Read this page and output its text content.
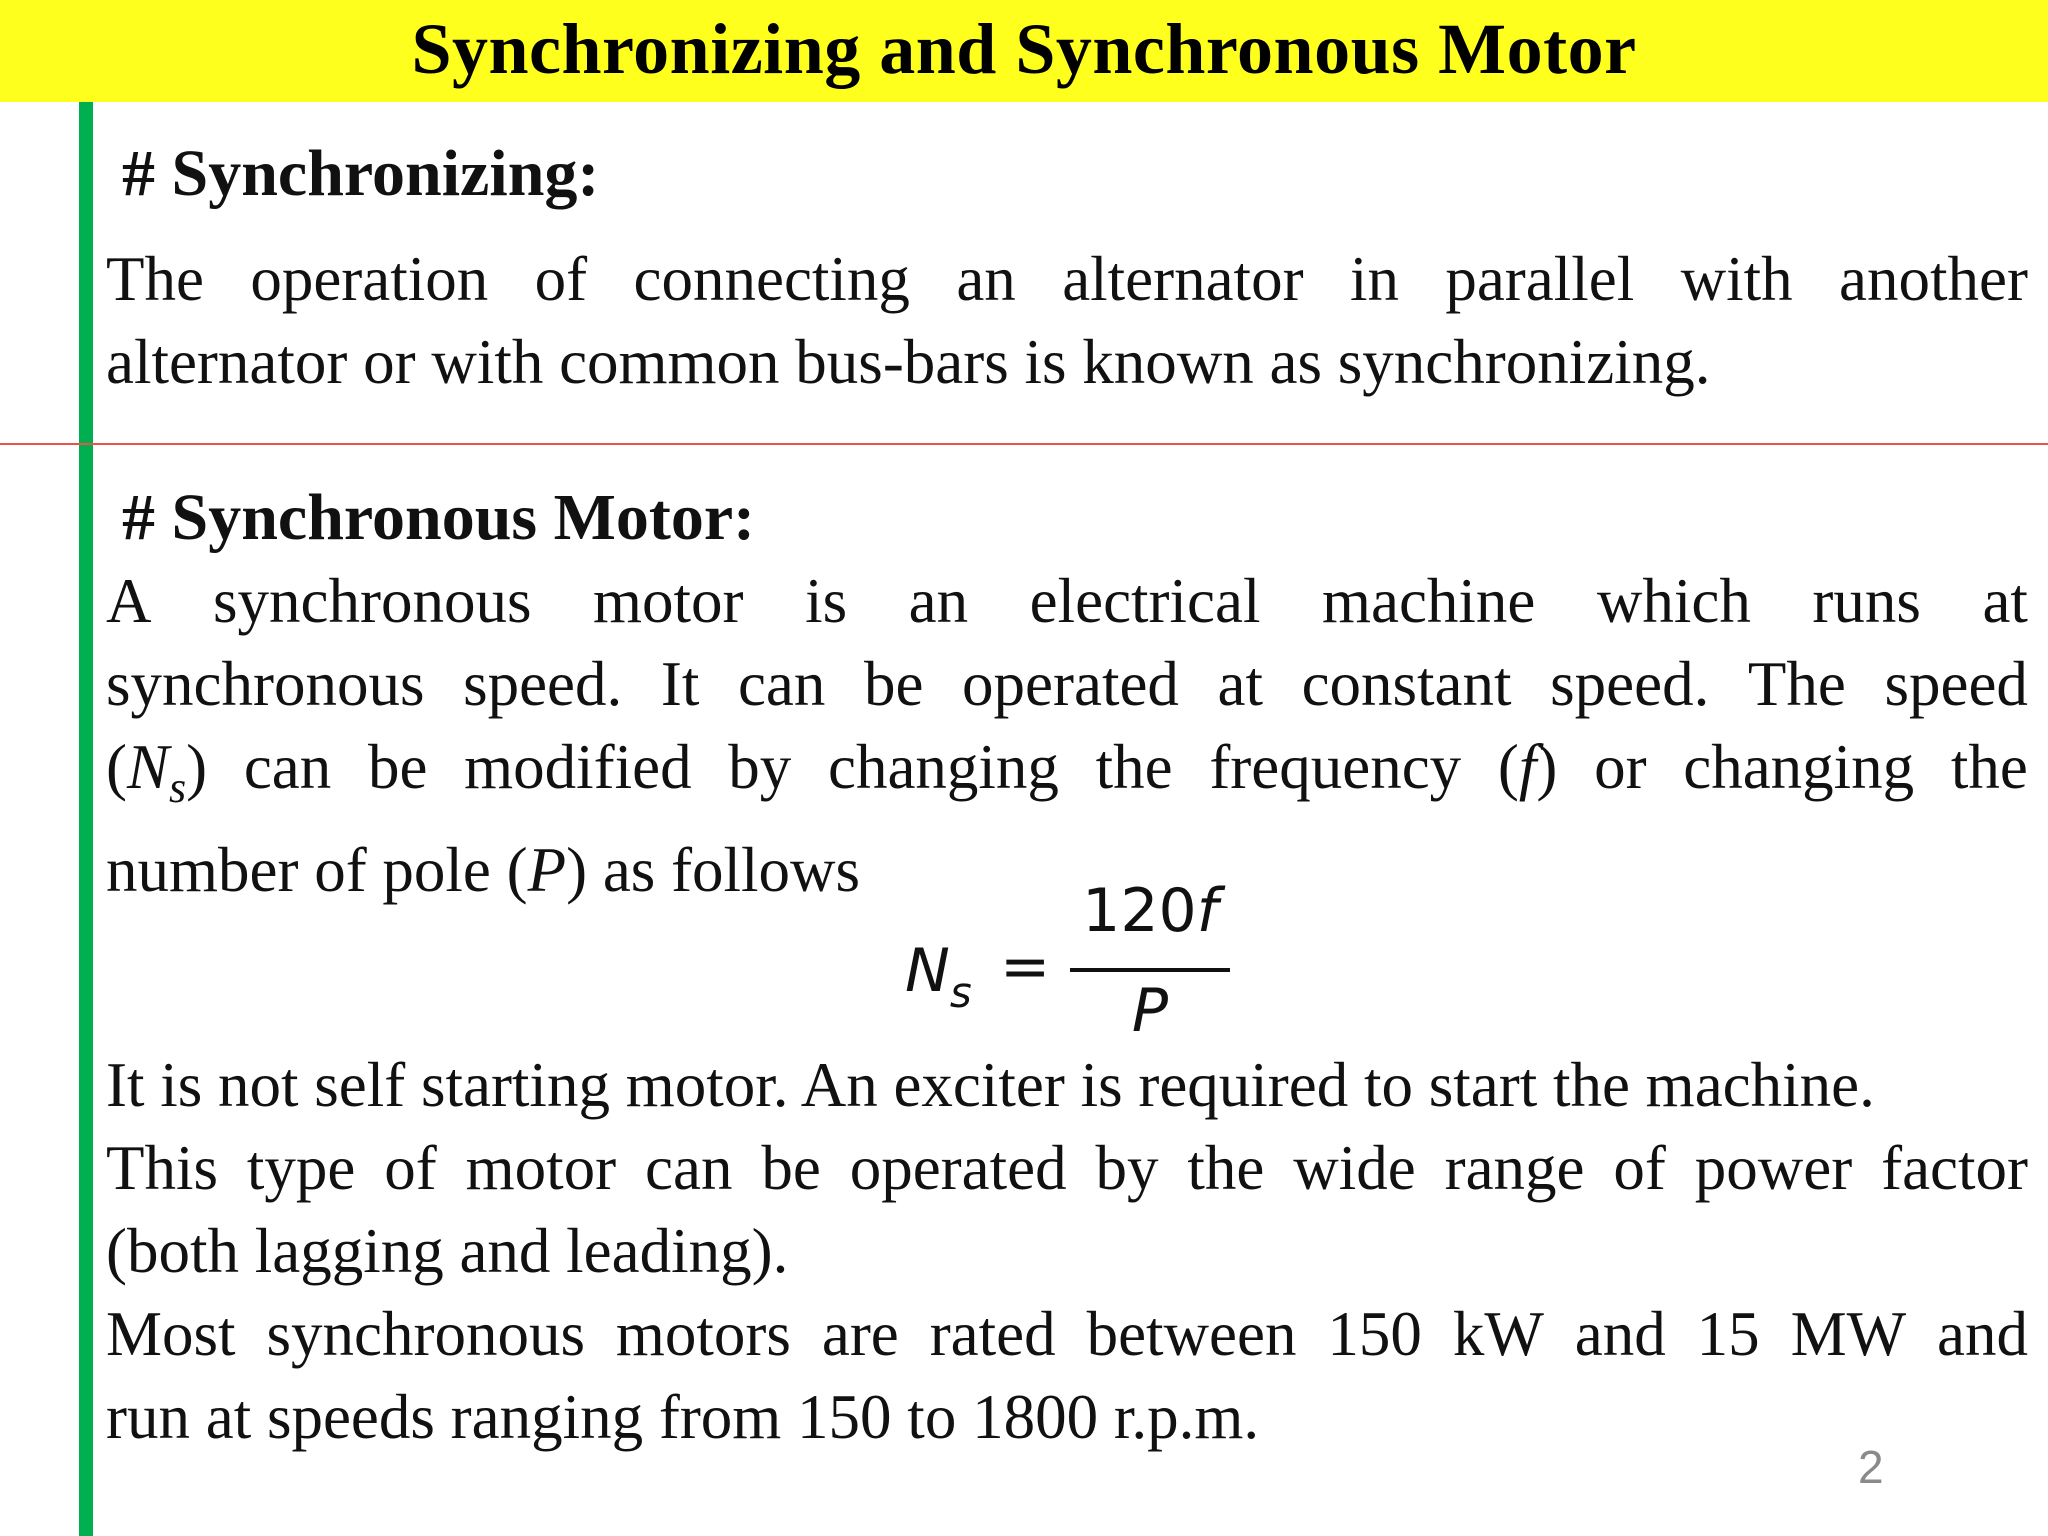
Synchronizing and Synchronous Motor
# Synchronizing:
The operation of connecting an alternator in parallel with another
alternator or with common bus-bars is known as synchronizing.
# Synchronous Motor:
A synchronous motor is an electrical machine which runs at
synchronous speed. It can be operated at constant speed. The speed
(Ns) can be modified by changing the frequency (f) or changing the
number of pole (P) as follows
$N_s$ =
120f
P
It is not self starting motor. An exciter is required to start the machine.
This type of motor can be operated by the wide range of power factor
(both lagging and leading).
Most synchronous motors are rated between 150 kW and 15 MW and
run at speeds ranging from 150 to 1800 r.p.m.
2
